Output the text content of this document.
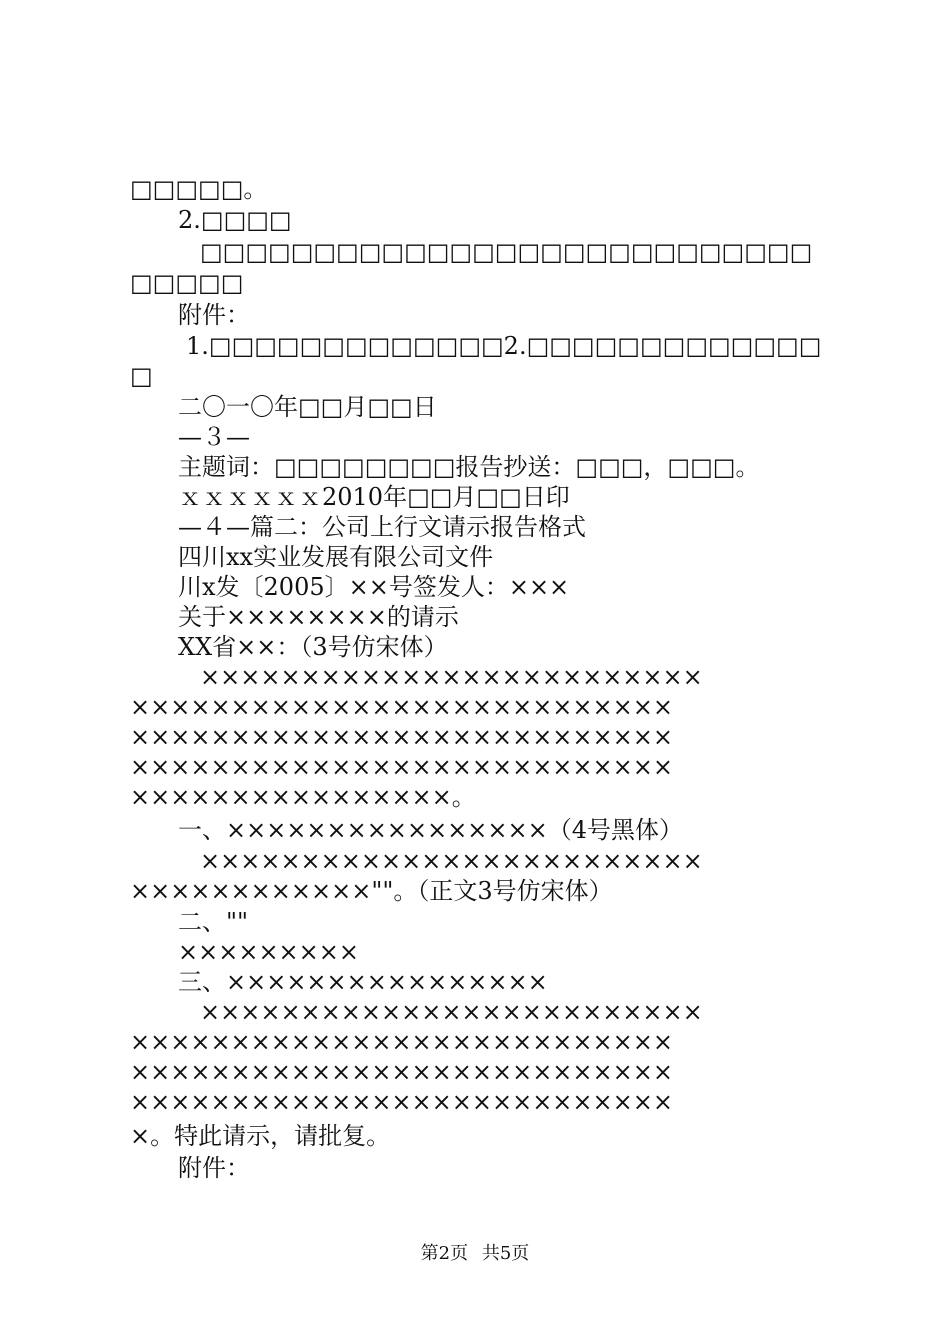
□□□□□。
2.□□□□
□□□□□□□□□□□□□□□□□□□□□□□□□□□
□□□□□
附件：
1.□□□□□□□□□□□□□2.□□□□□□□□□□□□□
□
二〇一〇年□□月□□日
—３—
主题词：□□□□□□□□报告抄送：□□□，□□□。
ｘｘｘｘｘｘ2010年□□月□□日印
—４—篇二：公司上行文请示报告格式
四川xx实业发展有限公司文件
川x发〔2005〕××号签发人：×××
关于××××××××的请示
XX省××：（3号仿宋体）
×××××××××××××××××××××××××
×××××××××××××××××××××××××××
×××××××××××××××××××××××××××
×××××××××××××××××××××××××××
××××××××××××××××。
一、××××××××××××××××（4号黑体）
×××××××××××××××××××××××××
××××××××××××""。（正文3号仿宋体）
二、""
×××××××××
三、××××××××××××××××
×××××××××××××××××××××××××
×××××××××××××××××××××××××××
×××××××××××××××××××××××××××
×××××××××××××××××××××××××××
×。特此请示，请批复。
附件：
第2页 共5页
